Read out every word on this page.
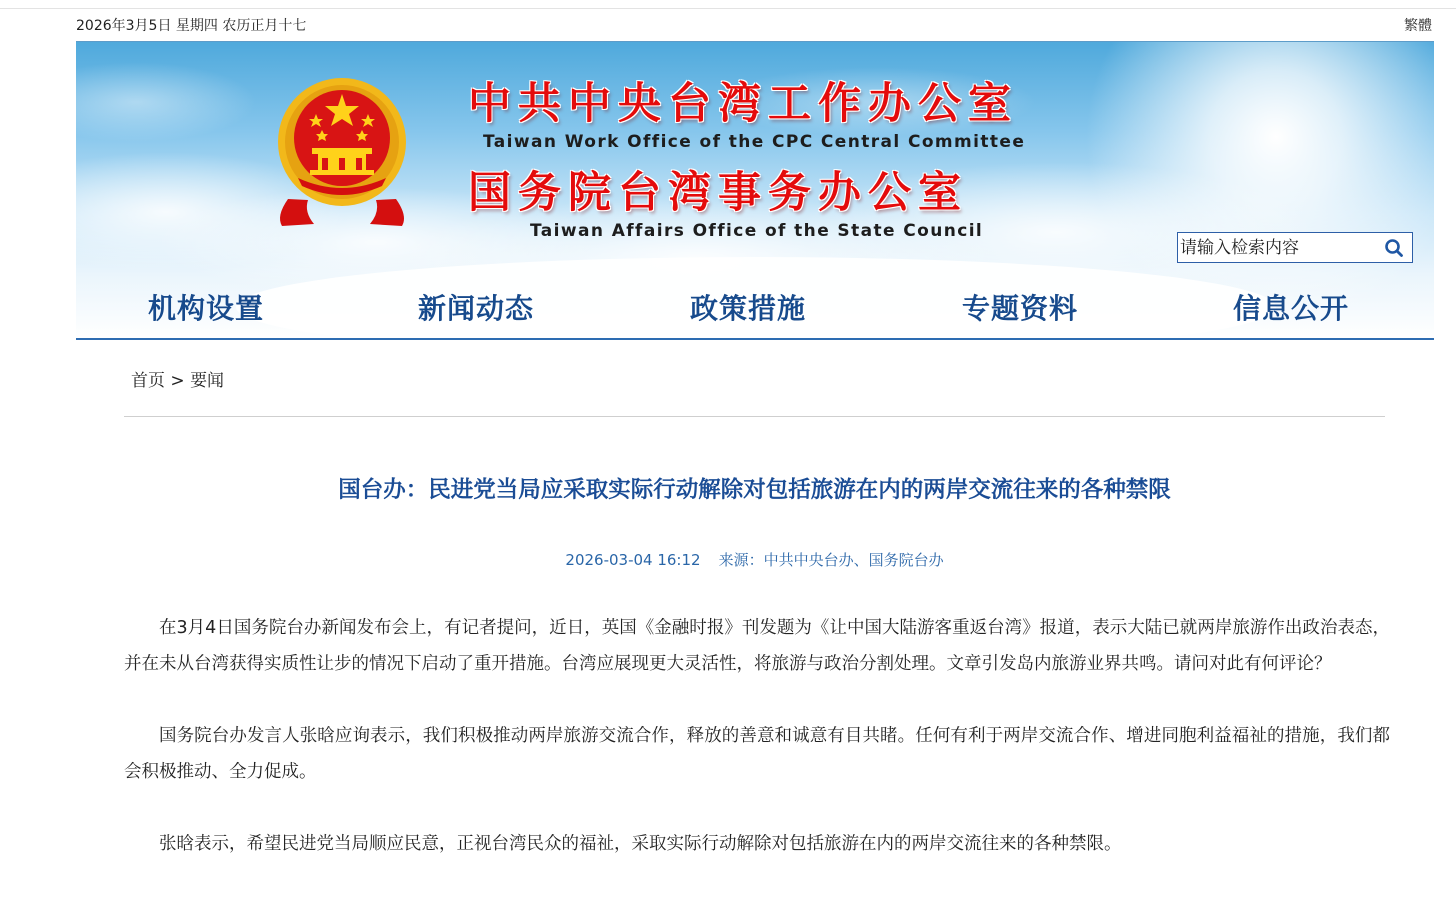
2026年3月5日 星期四 农历正月十七	繁體
中共中央台湾工作办公室
Taiwan Work Office of the CPC Central Committee
国务院台湾事务办公室
Taiwan Affairs Office of the State Council
请输入检索内容
机构设置	新闻动态	政策措施	专题资料	信息公开
首页 > 要闻
国台办：民进党当局应采取实际行动解除对包括旅游在内的两岸交流往来的各种禁限
2026-03-04 16:12 来源：中共中央台办、国务院台办

在3月4日国务院台办新闻发布会上，有记者提问，近日，英国《金融时报》刊发题为《让中国大陆游客重返台湾》报道，表示大陆已就两岸旅游作出政治表态，并在未从台湾获得实质性让步的情况下启动了重开措施。台湾应展现更大灵活性，将旅游与政治分割处理。文章引发岛内旅游业界共鸣。请问对此有何评论？

国务院台办发言人张晗应询表示，我们积极推动两岸旅游交流合作，释放的善意和诚意有目共睹。任何有利于两岸交流合作、增进同胞利益福祉的措施，我们都会积极推动、全力促成。

张晗表示，希望民进党当局顺应民意，正视台湾民众的福祉，采取实际行动解除对包括旅游在内的两岸交流往来的各种禁限。
